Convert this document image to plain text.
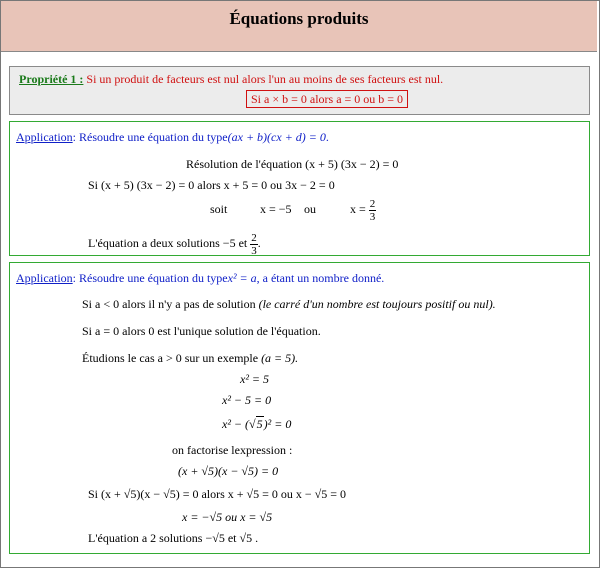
Équations produits
Propriété 1 : Si un produit de facteurs est nul alors l'un au moins de ses facteurs est nul.
Si a × b = 0 alors a = 0 ou b = 0
Application: Résoudre une équation du type(ax + b)(cx + d) = 0.
Résolution de l'équation (x + 5) (3x − 2) = 0
Si (x + 5) (3x − 2) = 0 alors x + 5 = 0 ou 3x − 2 = 0
soit	x = −5 ou	$x = \frac{2}{3}$
L'équation a deux solutions −5 et $\frac{2}{3}$ .
Application: Résoudre une équation du typex² = a, a étant un nombre donné.
Si a < 0 alors il n'y a pas de solution (le carré d'un nombre est toujours positif ou nul).
Si a = 0 alors 0 est l'unique solution de l'équation.
Étudions le cas a > 0 sur un exemple (a = 5).
x² = 5
x² − 5 = 0
x² − (√5)² = 0
on factorise lexpression :
(x + √5)(x − √5) = 0
Si (x + √5)(x − √5) = 0 alors x + √5 = 0 ou x − √5 = 0
x = −√5 ou x = √5
L'équation a 2 solutions −√5 et √5 .
